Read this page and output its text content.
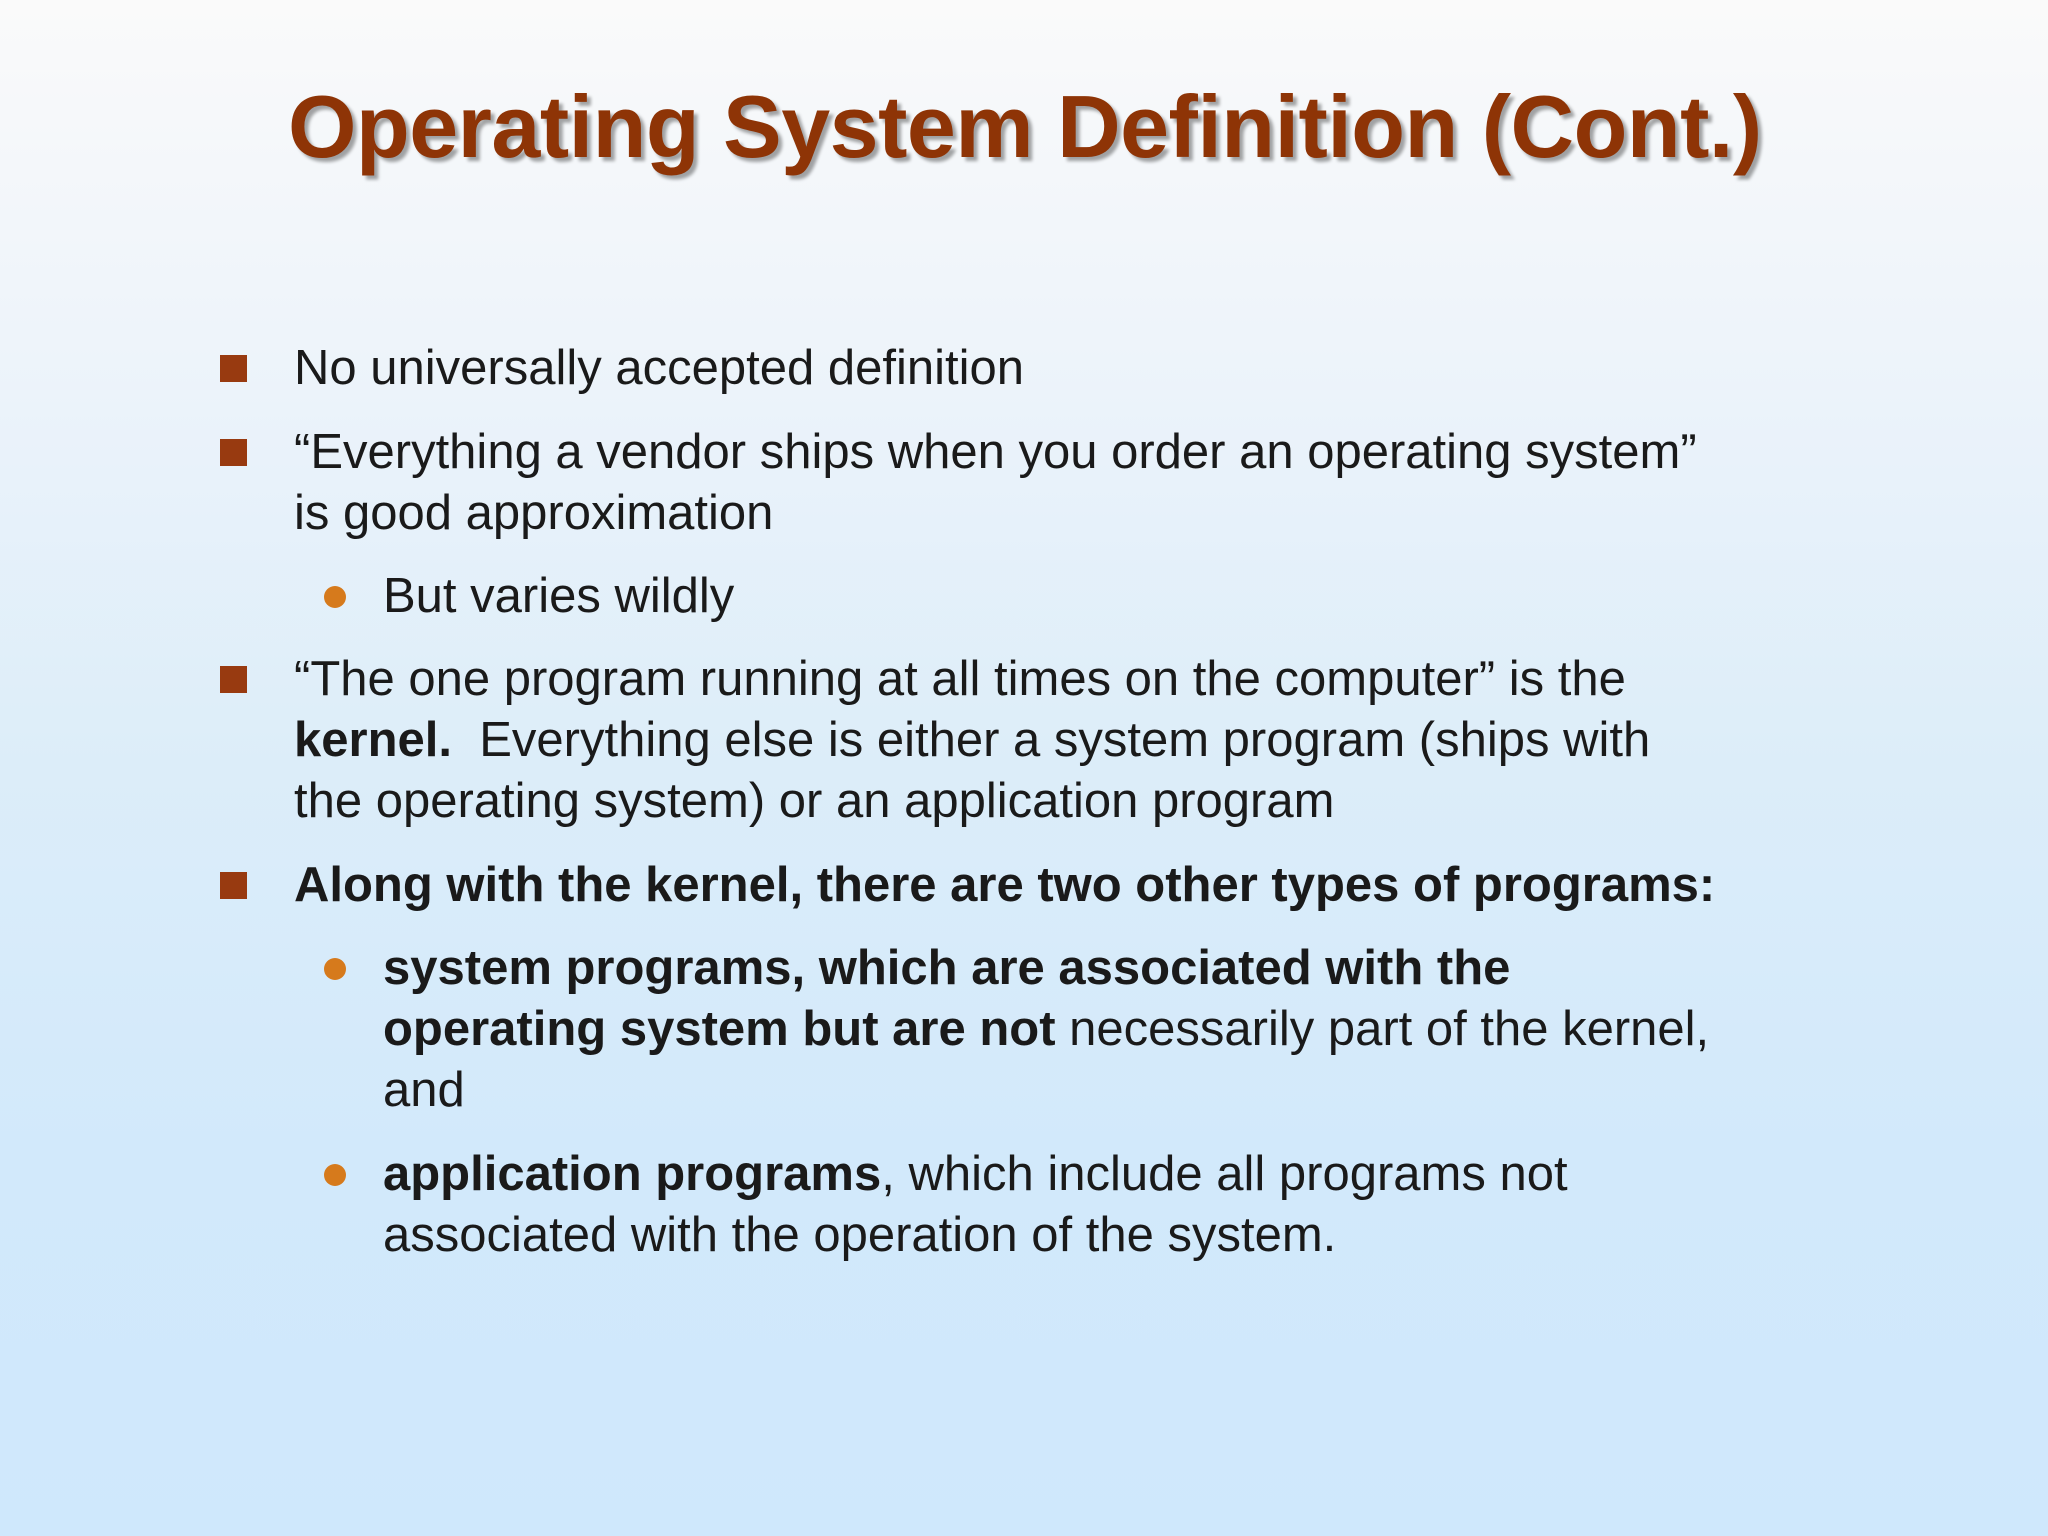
Operating System Definition (Cont.)
No universally accepted definition
“Everything a vendor ships when you order an operating system”
is good approximation
But varies wildly
“The one program running at all times on the computer” is the
kernel.  Everything else is either a system program (ships with
the operating system) or an application program
Along with the kernel, there are two other types of programs:
system programs, which are associated with the
operating system but are not necessarily part of the kernel,
and
application programs, which include all programs not
associated with the operation of the system.
